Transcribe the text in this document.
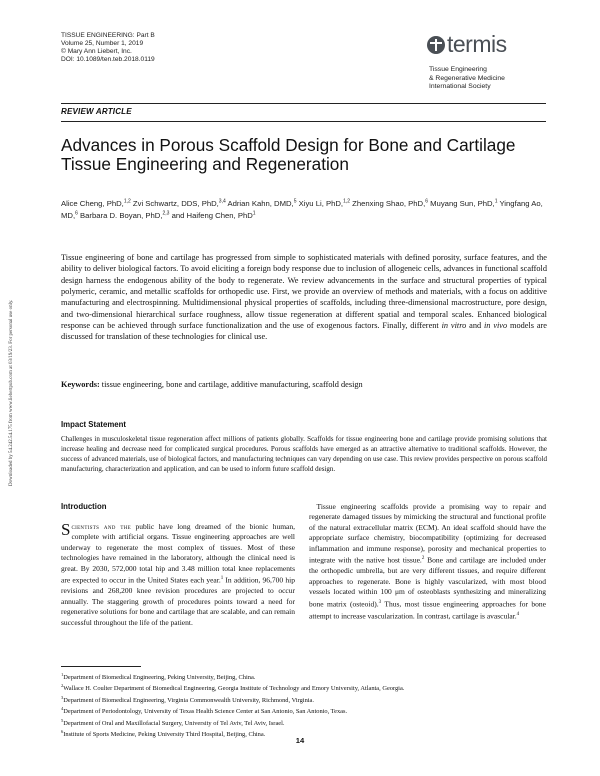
TISSUE ENGINEERING: Part B
Volume 25, Number 1, 2019
© Mary Ann Liebert, Inc.
DOI: 10.1089/ten.teb.2018.0119
termis
Tissue Engineering
& Regenerative Medicine
International Society
REVIEW ARTICLE
Advances in Porous Scaffold Design for Bone and Cartilage Tissue Engineering and Regeneration
Alice Cheng, PhD,$^{1,2}$ Zvi Schwartz, DDS, PhD,$^{3,4}$ Adrian Kahn, DMD,$^5$ Xiyu Li, PhD,$^{1,2}$ Zhenxing Shao, PhD,$^6$ Muyang Sun, PhD,$^1$ Yingfang Ao, MD,$^6$ Barbara D. Boyan, PhD,$^{2,3}$ and Haifeng Chen, PhD$^1$
Downloaded by 54.242.54.175 from www.liebertpub.com at 03/19/23. For personal use only.
Tissue engineering of bone and cartilage has progressed from simple to sophisticated materials with defined porosity, surface features, and the ability to deliver biological factors. To avoid eliciting a foreign body response due to inclusion of allogeneic cells, advances in functional scaffold design harness the endogenous ability of the body to regenerate. We review advancements in the surface and structural properties of typical polymeric, ceramic, and metallic scaffolds for orthopedic use. First, we provide an overview of methods and materials, with a focus on additive manufacturing and electrospinning. Multidimensional physical properties of scaffolds, including three-dimensional macrostructure, pore design, and two-dimensional hierarchical surface roughness, allow tissue regeneration at different spatial and temporal scales. Enhanced biological response can be achieved through surface functionalization and the use of exogenous factors. Finally, different in vitro and in vivo models are discussed for translation of these technologies for clinical use.
Keywords: tissue engineering, bone and cartilage, additive manufacturing, scaffold design
Impact Statement
Challenges in musculoskeletal tissue regeneration affect millions of patients globally. Scaffolds for tissue engineering bone and cartilage provide promising solutions that increase healing and decrease need for complicated surgical procedures. Porous scaffolds have emerged as an attractive alternative to traditional scaffolds. However, the success of advanced materials, use of biological factors, and manufacturing techniques can vary depending on use case. This review provides perspective on porous scaffold manufacturing, characterization and application, and can be used to inform future scaffold design.
Introduction
Scientists and the public have long dreamed of the bionic human, complete with artificial organs. Tissue engineering approaches are well underway to regenerate the most complex of tissues. Most of these technologies have remained in the laboratory, although the clinical need is great. By 2030, 572,000 total hip and 3.48 million total knee replacements are expected to occur in the United States each year.$^1$ In addition, 96,700 hip revisions and 268,200 knee revision procedures are projected to occur annually. The staggering growth of procedures points toward a need for regenerative solutions for bone and cartilage that are scalable, and can remain successful throughout the life of the patient.
 Tissue engineering scaffolds provide a promising way to repair and regenerate damaged tissues by mimicking the structural and functional profile of the natural extracellular matrix (ECM). An ideal scaffold should have the appropriate surface chemistry, biocompatibility (optimizing for decreased inflammation and immune response), porosity and mechanical properties to integrate with the native host tissue.$^2$ Bone and cartilage are included under the orthopedic umbrella, but are very different tissues, and require different approaches to regenerate. Bone is highly vascularized, with most blood vessels located within 100 μm of osteoblasts synthesizing and mineralizing bone matrix (osteoid).$^3$ Thus, most tissue engineering approaches for bone attempt to increase vascularization. In contrast, cartilage is avascular.$^4$
$^1$Department of Biomedical Engineering, Peking University, Beijing, China.
$^2$Wallace H. Coulter Department of Biomedical Engineering, Georgia Institute of Technology and Emory University, Atlanta, Georgia.
$^3$Department of Biomedical Engineering, Virginia Commonwealth University, Richmond, Virginia.
$^4$Department of Periodontology, University of Texas Health Science Center at San Antonio, San Antonio, Texas.
$^5$Department of Oral and Maxillofacial Surgery, University of Tel Aviv, Tel Aviv, Israel.
$^6$Institute of Sports Medicine, Peking University Third Hospital, Beijing, China.
14
